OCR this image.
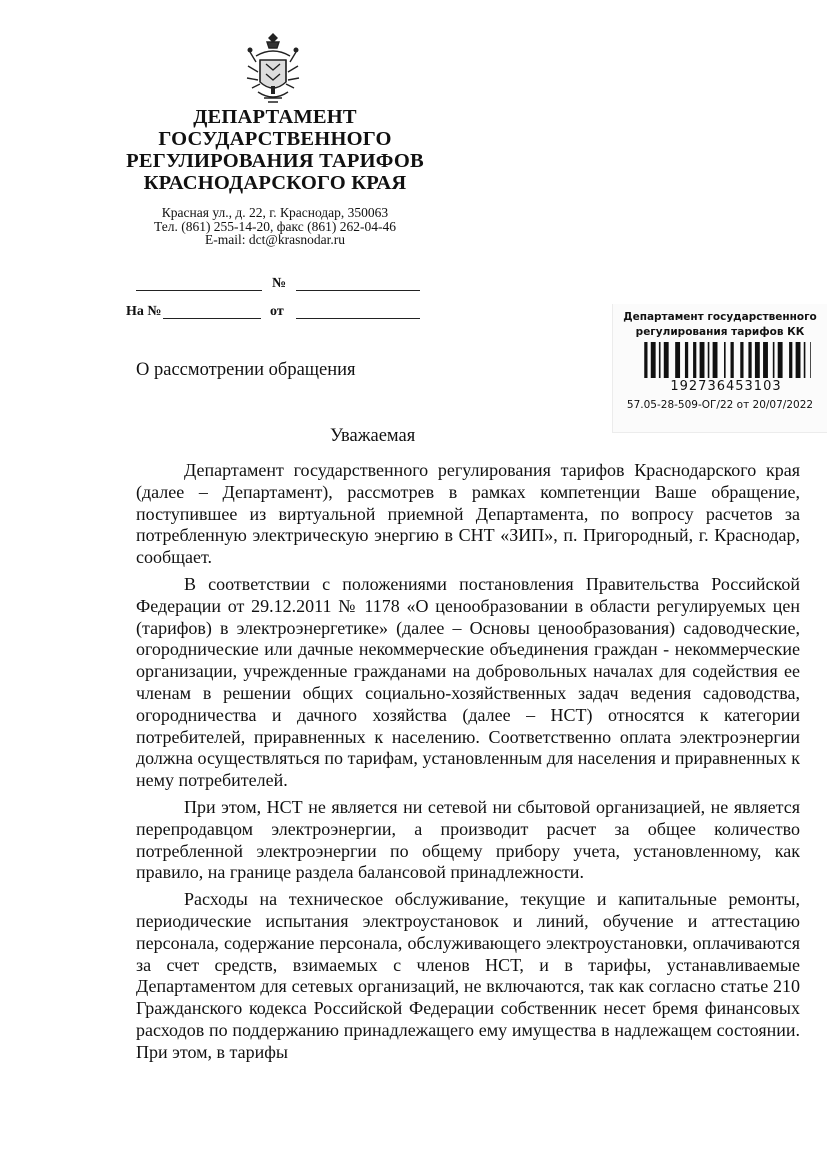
ДЕПАРТАМЕНТ
ГОСУДАРСТВЕННОГО
РЕГУЛИРОВАНИЯ ТАРИФОВ
КРАСНОДАРСКОГО КРАЯ
Красная ул., д. 22, г. Краснодар, 350063
Тел. (861) 255-14-20, факс (861) 262-04-46
E-mail: dct@krasnodar.ru
№
На №	от	Департамент государственного регулирования тарифов КК
192736453103
57.05-28-509-ОГ/22 от 20/07/2022
О рассмотрении обращения
Уважаемая

Департамент государственного регулирования тарифов Краснодарского края (далее – Департамент), рассмотрев в рамках компетенции Ваше обращение, поступившее из виртуальной приемной Департамента, по вопросу расчетов за потребленную электрическую энергию в СНТ «ЗИП», п. Пригородный, г. Краснодар, сообщает.

В соответствии с положениями постановления Правительства Российской Федерации от 29.12.2011 № 1178 «О ценообразовании в области регулируемых цен (тарифов) в электроэнергетике» (далее – Основы ценообразования) садоводческие, огороднические или дачные некоммерческие объединения граждан - некоммерческие организации, учрежденные гражданами на добровольных началах для содействия ее членам в решении общих социально-хозяйственных задач ведения садоводства, огородничества и дачного хозяйства (далее – НСТ) относятся к категории потребителей, приравненных к населению. Соответственно оплата электроэнергии должна осуществляться по тарифам, установленным для населения и приравненных к нему потребителей.

При этом, НСТ не является ни сетевой ни сбытовой организацией, не является перепродавцом электроэнергии, а производит расчет за общее количество потребленной электроэнергии по общему прибору учета, установленному, как правило, на границе раздела балансовой принадлежности.

Расходы на техническое обслуживание, текущие и капитальные ремонты, периодические испытания электроустановок и линий, обучение и аттестацию персонала, содержание персонала, обслуживающего электроустановки, оплачиваются за счет средств, взимаемых с членов НСТ, и в тарифы, устанавливаемые Департаментом для сетевых организаций, не включаются, так как согласно статье 210 Гражданского кодекса Российской Федерации собственник несет бремя финансовых расходов по поддержанию принадлежащего ему имущества в надлежащем состоянии. При этом, в тарифы
